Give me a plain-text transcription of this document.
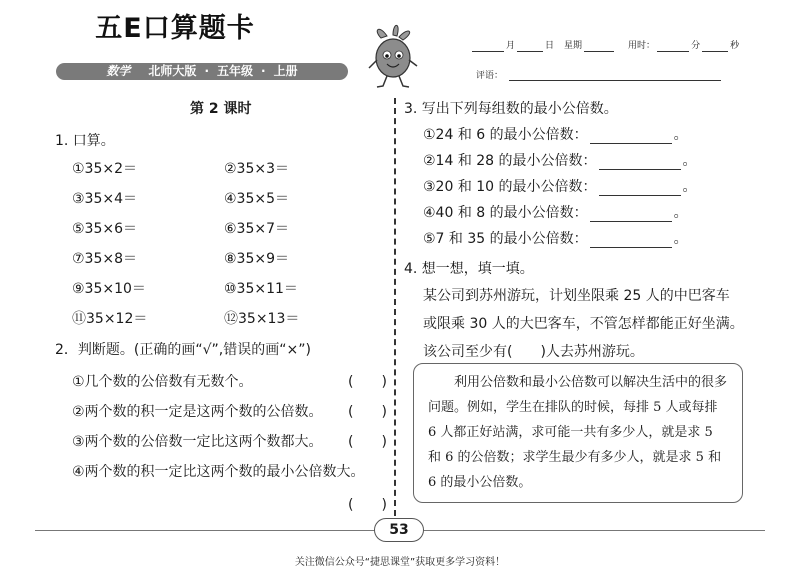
五E口算题卡
数学 北师大版 · 五年级 · 上册
月	日 星期	用时：	分	秒
评语：
第 2 课时
1. 口算。
①35×2＝	②35×3＝
③35×4＝	④35×5＝
⑤35×6＝	⑥35×7＝
⑦35×8＝	⑧35×9＝
⑨35×10＝	⑩35×11＝
⑪35×12＝	⑫35×13＝
2．判断题。(正确的画“√”,错误的画“×”)
①几个数的公倍数有无数个。	(　　)
②两个数的积一定是这两个数的公倍数。 (　　)
③两个数的公倍数一定比这两个数都大。 (　　)
④两个数的积一定比这两个数的最小公倍数大。
(　　)
3. 写出下列每组数的最小公倍数。
①24 和 6 的最小公倍数：	。
②14 和 28 的最小公倍数：	。
③20 和 10 的最小公倍数：	。
④40 和 8 的最小公倍数：	。
⑤7 和 35 的最小公倍数：	。
4. 想一想，填一填。
某公司到苏州游玩，计划坐限乘 25 人的中巴客车
或限乘 30 人的大巴客车，不管怎样都能正好坐满。
该公司至少有(　　)人去苏州游玩。

利用公倍数和最小公倍数可以解决生活中的很多问题。例如，学生在排队的时候，每排 5 人或每排 6 人都正好站满，求可能一共有多少人，就是求 5 和 6 的公倍数；求学生最少有多少人，就是求 5 和 6 的最小公倍数。

53
关注微信公众号“捷思课堂”获取更多学习资料！
